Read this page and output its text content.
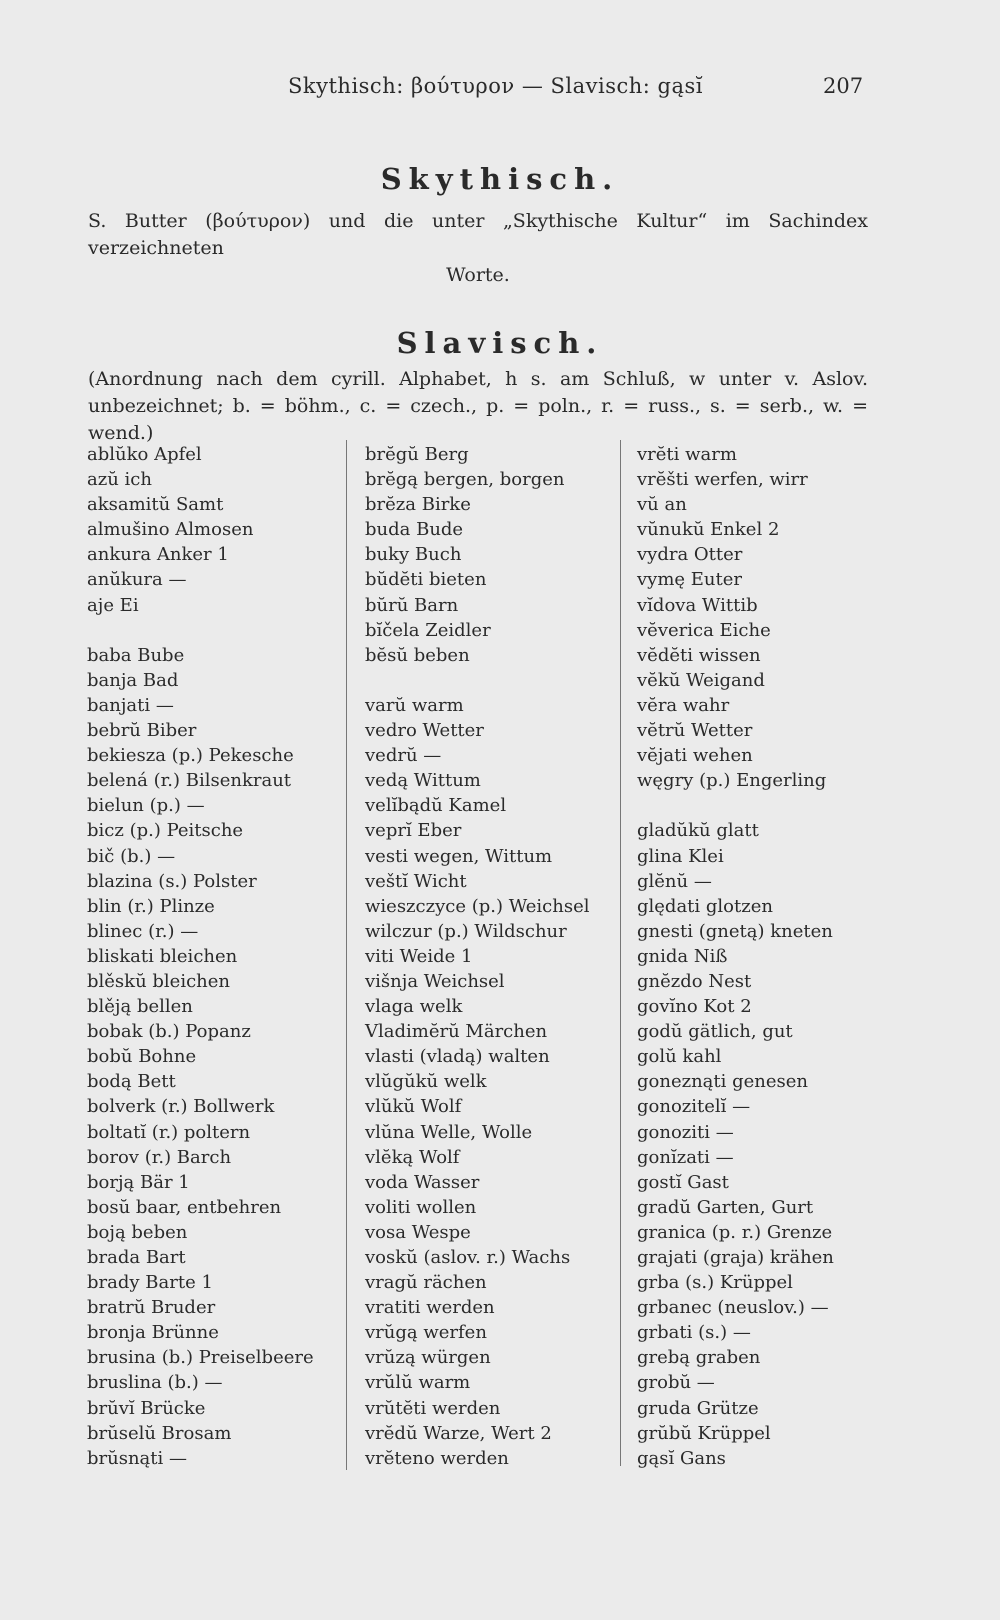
Skythisch: βούτυρον — Slavisch: gąsĭ	207
Skythisch.
S. Butter (βούτυρον) und die unter „Skythische Kultur“ im Sachindex verzeichneten
Worte.
Slavisch.
(Anordnung nach dem cyrill. Alphabet, h s. am Schluß, w unter v. Aslov. unbezeichnet; b. = böhm., c. = czech., p. = poln., r. = russ., s. = serb., w. = wend.)
ablŭko Apfel
azŭ ich
aksamitŭ Samt
almušino Almosen
ankura Anker 1
anŭkura —
aje Ei
baba Bube
banja Bad
banjati —
bebrŭ Biber
bekiesza (p.) Pekesche
belená (r.) Bilsenkraut
bielun (p.) —
bicz (p.) Peitsche
bič (b.) —
blazina (s.) Polster
blin (r.) Plinze
blinec (r.) —
bliskati bleichen
blěskŭ bleichen
blěją bellen
bobak (b.) Popanz
bobŭ Bohne
bodą Bett
bolverk (r.) Bollwerk
boltatĭ (r.) poltern
borov (r.) Barch
borją Bär 1
bosŭ baar, entbehren
boją beben
brada Bart
brady Barte 1
bratrŭ Bruder
bronja Brünne
brusina (b.) Preiselbeere
bruslina (b.) —
brŭvĭ Brücke
brŭselŭ Brosam
brŭsnąti —
brĕgŭ Berg
brĕgą bergen, borgen
brĕza Birke
buda Bude
buky Buch
bŭdĕti bieten
bŭrŭ Barn
bĭčela Zeidler
bĕsŭ beben
varŭ warm
vedro Wetter
vedrŭ —
vedą Wittum
velĭbądŭ Kamel
veprĭ Eber
vesti wegen, Wittum
veštĭ Wicht
wieszczyce (p.) Weichsel
wilczur (p.) Wildschur
viti Weide 1
višnja Weichsel
vlaga welk
Vladimĕrŭ Märchen
vlasti (vladą) walten
vlŭgŭkŭ welk
vlŭkŭ Wolf
vlŭna Welle, Wolle
vlĕką Wolf
voda Wasser
voliti wollen
vosa Wespe
voskŭ (aslov. r.) Wachs
vragŭ rächen
vratiti werden
vrŭgą werfen
vrŭzą würgen
vrŭlŭ warm
vrŭtĕti werden
vrĕdŭ Warze, Wert 2
vrĕteno werden
vrĕti warm
vrĕšti werfen, wirr
vŭ an
vŭnukŭ Enkel 2
vydra Otter
vymę Euter
vĭdova Wittib
vĕverica Eiche
vĕdĕti wissen
vĕkŭ Weigand
vĕra wahr
vĕtrŭ Wetter
vĕjati wehen
węgry (p.) Engerling
gladŭkŭ glatt
glina Klei
glĕnŭ —
ględati glotzen
gnesti (gnetą) kneten
gnida Niß
gnĕzdo Nest
govĭno Kot 2
godŭ gätlich, gut
golŭ kahl
goneznąti genesen
gonozitelĭ —
gonoziti —
gonĭzati —
gostĭ Gast
gradŭ Garten, Gurt
granica (p. r.) Grenze
grajati (graja) krähen
grba (s.) Krüppel
grbanec (neuslov.) —
grbati (s.) —
grebą graben
grobŭ —
gruda Grütze
grŭbŭ Krüppel
gąsĭ Gans
